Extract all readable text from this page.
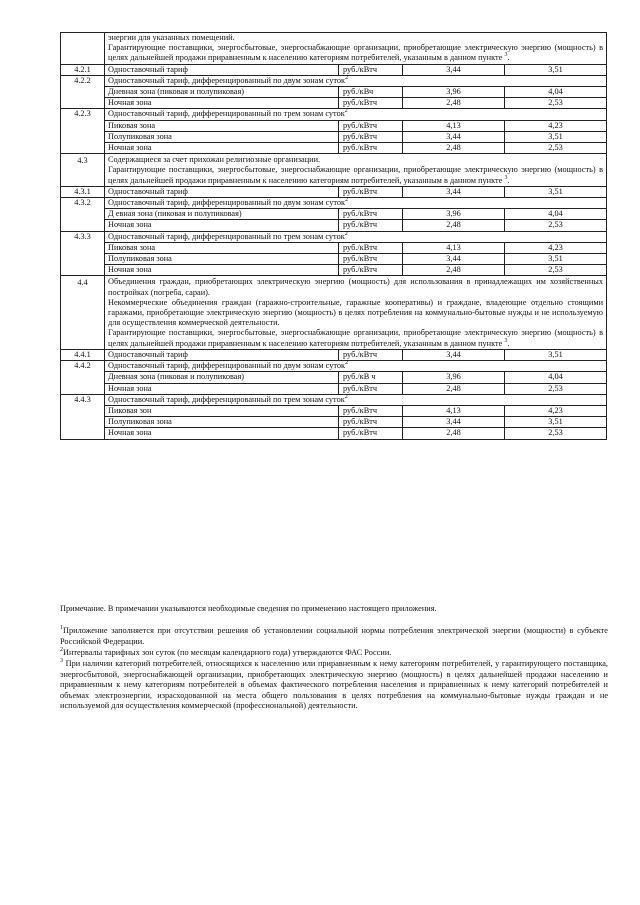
	энергии для указанных помещений.

Гарантирующие поставщики, энергосбытовые, энергоснабжающие организации, приобретающие электрическую энергию (мощность) в целях дальнейшей продажи приравненным к населению категориям потребителей, указанным в данном пункте $^3$.			

4.2.1	Одноставочный тариф	руб./кВтч	3,44	3,51
4.2.2	Одноставочный тариф, дифференцированный по двум зонам суток$^2$
	Дневная зона (пиковая и полупиковая)	руб./кВч	3,96	4,04
	Ночная зона	руб./кВтч	2,48	2,53
4.2.3	Одноставочный тариф, дифференцированный по трем зонам суток$^2$
	Пиковая зона	руб./кВтч	4,13	4,23
	Полупиковая зона	руб./кВтч	3,44	3,51
	Ночная зона	руб./кВтч	2,48	2,53
4.3	Содержащиеся за счет прихожан религиозные организации.

Гарантирующие поставщики, энергосбытовые, энергоснабжающие организации, приобретающие электрическую энергию (мощность) в целях дальнейшей продажи приравненным к населению категориям потребителей, указанным в данном пункте $^3$.			

4.3.1	Одноставочный тариф	руб./кВтч	3,44	3,51
4.3.2	Одноставочный тариф, дифференцированный по двум зонам суток$^2$
	Д евная зона (пиковая и полупиковая)	руб./кВтч	3,96	4,04
	Ночная зона	руб./кВтч	2,48	2,53
4.3.3	Одноставочный тариф, дифференцированный по трем зонам суток$^2$
	Пиковая зона	руб./кВтч	4,13	4,23
	Полупиковая зона	руб./кВтч	3,44	3,51
	Ночная зона	руб./кВтч	2,48	2,53
4.4	Объединения граждан, приобретающих электрическую энергию (мощность) для использования в принадлежащих им хозяйственных постройках (погреба, сараи).

Некоммерческие объединения граждан (гаражно-строительные, гаражные кооперативы) и граждане, владеющие отдельно стоящими гаражами, приобретающие электрическую энергию (мощность) в целях потребления на коммунально-бытовые нужды и не используемую для осуществления коммерческой деятельности.

Гарантирующие поставщики, энергосбытовые, энергоснабжающие организации, приобретающие электрическую энергию (мощность) в целях дальнейшей продажи приравненным к населению категориям потребителей, указанным в данном пункте $^3$.			

4.4.1	Одноставочный тариф	руб./кВтч	3,44	3,51
4.4.2	Одноставочный тариф, дифференцированный по двум зонам суток$^2$
	Дневная зона (пиковая и полупиковая)	руб./кВ ч	3,96	4,04
	Ночная зона	руб./кВтч	2,48	2,53
4.4.3	Одноставочный тариф, дифференцированный по трем зонам суток$^2$
	Пиковая зон	руб./кВтч	4,13	4,23
	Полупиковая зона	руб./кВтч	3,44	3,51
	Ночная зона	руб./кВтч	2,48	2,53

Примечание. В примечании указываются необходимые сведения по применению настоящего приложения.

$^1$Приложение заполняется при отсутствии решения об установлении социальной нормы потребления электрической энергии (мощности) в субъекте Российской Федерации.

$^2$Интервалы тарифных зон суток (по месяцам календарного года) утверждаются ФАС России.

$^3$ При наличии категорий потребителей, относящихся к населению или приравненным к нему категориям потребителей, у гарантирующего поставщика, энергосбытовой, энергоснабжающей организации, приобретающих электрическую энергию (мощность) в целях дальнейшей продажи населению и приравненным к нему категориям потребителей в объемах фактического потребления населения и приравненных к нему категорий потребителей и объемах электроэнергии, израсходованной на места общего пользования в целях потребления на коммунально-бытовые нужды граждан и не используемой для осуществления коммерческой (профессиональной) деятельности.
